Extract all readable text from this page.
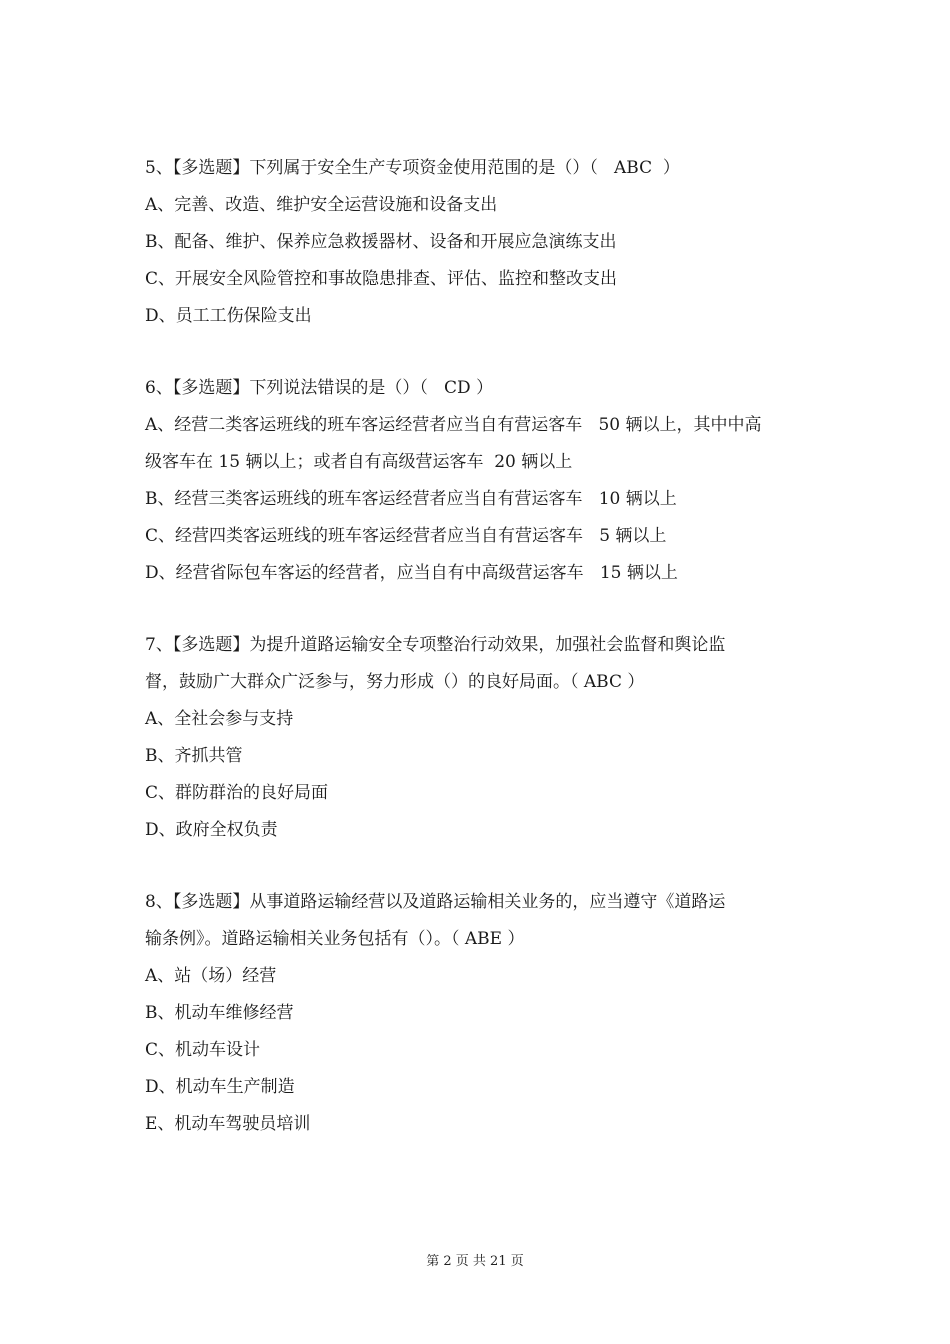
5、【多选题】下列属于安全生产专项资金使用范围的是（）（   ABC  ）

A、完善、改造、维护安全运营设施和设备支出

B、配备、维护、保养应急救援器材、设备和开展应急演练支出

C、开展安全风险管控和事故隐患排查、评估、监控和整改支出

D、员工工伤保险支出

6、【多选题】下列说法错误的是（）（   CD ）

A、经营二类客运班线的班车客运经营者应当自有营运客车   50 辆以上，其中中高

级客车在 15 辆以上；或者自有高级营运客车  20 辆以上

B、经营三类客运班线的班车客运经营者应当自有营运客车   10 辆以上

C、经营四类客运班线的班车客运经营者应当自有营运客车   5 辆以上

D、经营省际包车客运的经营者，应当自有中高级营运客车   15 辆以上

7、【多选题】为提升道路运输安全专项整治行动效果，加强社会监督和舆论监

督，鼓励广大群众广泛参与，努力形成（）的良好局面。（ ABC ）

A、全社会参与支持

B、齐抓共管

C、群防群治的良好局面

D、政府全权负责

8、【多选题】从事道路运输经营以及道路运输相关业务的，应当遵守《道路运

输条例》。道路运输相关业务包括有（）。（ ABE ）

A、站（场）经营

B、机动车维修经营

C、机动车设计

D、机动车生产制造

E、机动车驾驶员培训

第 2 页 共 21 页
